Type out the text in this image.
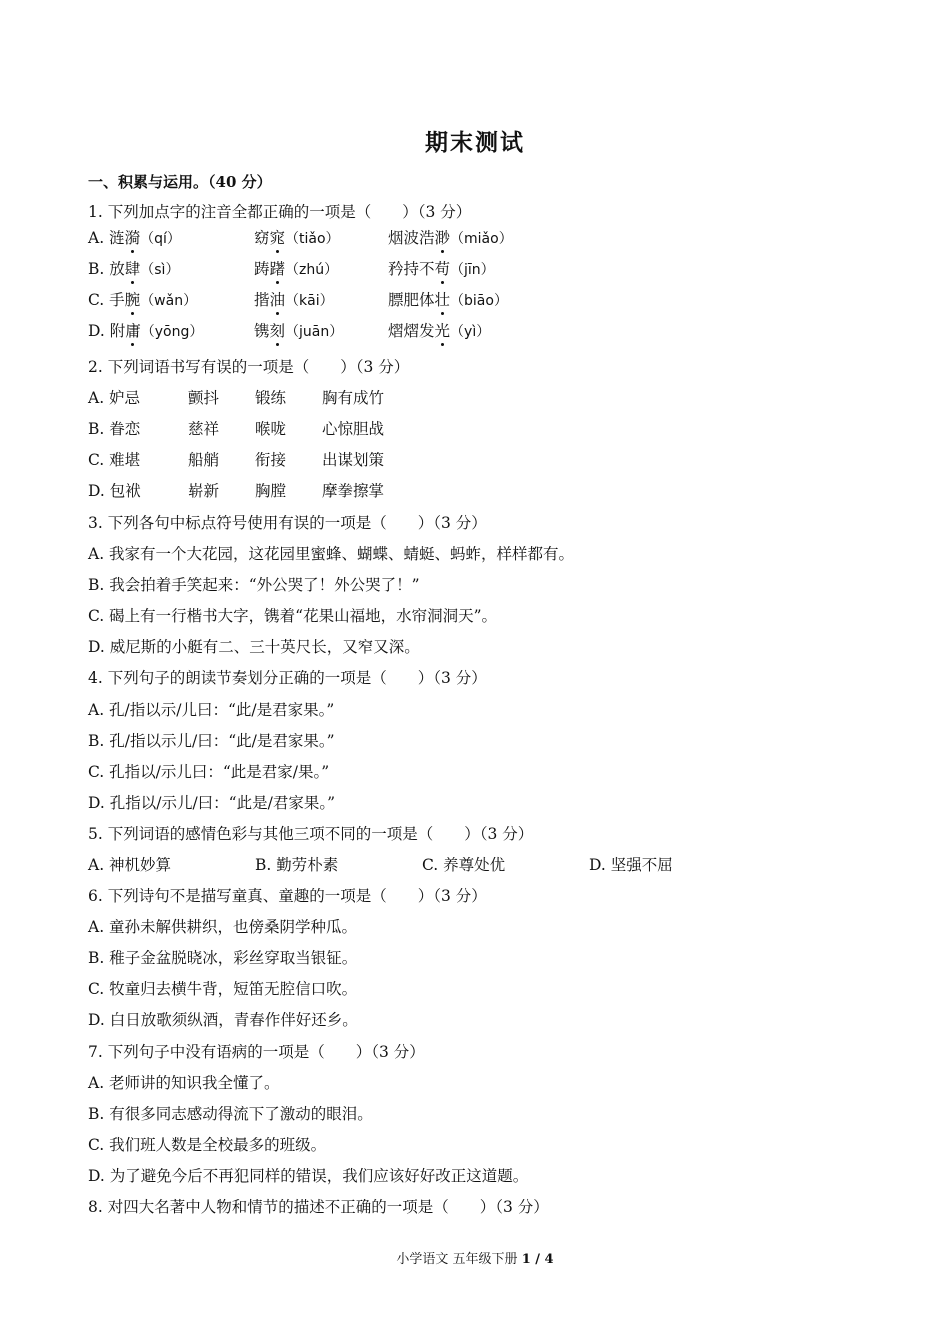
期末测试
一、积累与运用。（40 分）
1. 下列加点字的注音全都正确的一项是（　　）（3 分）
A. 涟漪（qí）	窈窕（tiǎo）	烟波浩渺（miǎo）
B. 放肆（sì）	踌躇（zhú）	矜持不苟（jīn）
C. 手腕（wǎn）	揩油（kāi）	膘肥体壮（biāo）
D. 附庸（yōng）	镌刻（juān）	熠熠发光（yì）
2. 下列词语书写有误的一项是（　　）（3 分）
A. 妒忌	颤抖 锻练 胸有成竹
B. 眷恋	慈祥 喉咙 心惊胆战
C. 难堪	船艄 衔接 出谋划策
D. 包袱	崭新 胸膛 摩拳擦掌
3. 下列各句中标点符号使用有误的一项是（　　）（3 分）
A. 我家有一个大花园，这花园里蜜蜂、蝴蝶、蜻蜓、蚂蚱，样样都有。
B. 我会拍着手笑起来：“外公哭了！外公哭了！”
C. 碣上有一行楷书大字，镌着“花果山福地，水帘洞洞天”。
D. 威尼斯的小艇有二、三十英尺长，又窄又深。
4. 下列句子的朗读节奏划分正确的一项是（　　）（3 分）
A. 孔/指以示/儿曰：“此/是君家果。”
B. 孔/指以示儿/曰：“此/是君家果。”
C. 孔指以/示儿曰：“此是君家/果。”
D. 孔指以/示儿/曰：“此是/君家果。”
5. 下列词语的感情色彩与其他三项不同的一项是（　　）（3 分）
A. 神机妙算	B. 勤劳朴素	C. 养尊处优	D. 坚强不屈
6. 下列诗句不是描写童真、童趣的一项是（　　）（3 分）
A. 童孙未解供耕织，也傍桑阴学种瓜。
B. 稚子金盆脱晓冰，彩丝穿取当银钲。
C. 牧童归去横牛背，短笛无腔信口吹。
D. 白日放歌须纵酒，青春作伴好还乡。
7. 下列句子中没有语病的一项是（　　）（3 分）
A. 老师讲的知识我全懂了。
B. 有很多同志感动得流下了激动的眼泪。
C. 我们班人数是全校最多的班级。
D. 为了避免今后不再犯同样的错误，我们应该好好改正这道题。
8. 对四大名著中人物和情节的描述不正确的一项是（　　）（3 分）
小学语文 五年级下册 1 / 4
